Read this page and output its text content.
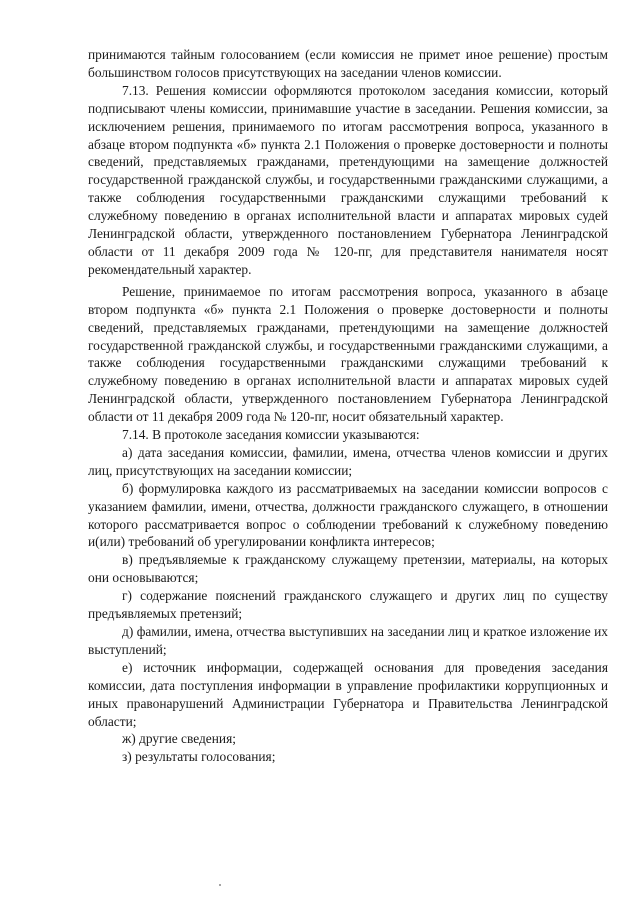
принимаются тайным голосованием (если комиссия не примет иное решение) простым большинством голосов присутствующих на заседании членов комиссии.

7.13. Решения комиссии оформляются протоколом заседания комиссии, который подписывают члены комиссии, принимавшие участие в заседании. Решения комиссии, за исключением решения, принимаемого по итогам рассмотрения вопроса, указанного в абзаце втором подпункта «б» пункта 2.1 Положения о проверке достоверности и полноты сведений, представляемых гражданами, претендующими на замещение должностей государственной гражданской службы, и государственными гражданскими служащими, а также соблюдения государственными гражданскими служащими требований к служебному поведению в органах исполнительной власти и аппаратах мировых судей Ленинградской области, утвержденного постановлением Губернатора Ленинградской области от 11 декабря 2009 года № 120-пг, для представителя нанимателя носят рекомендательный характер.

Решение, принимаемое по итогам рассмотрения вопроса, указанного в абзаце втором подпункта «б» пункта 2.1 Положения о проверке достоверности и полноты сведений, представляемых гражданами, претендующими на замещение должностей государственной гражданской службы, и государственными гражданскими служащими, а также соблюдения государственными гражданскими служащими требований к служебному поведению в органах исполнительной власти и аппаратах мировых судей Ленинградской области, утвержденного постановлением Губернатора Ленинградской области от 11 декабря 2009 года № 120-пг, носит обязательный характер.

7.14. В протоколе заседания комиссии указываются:

а) дата заседания комиссии, фамилии, имена, отчества членов комиссии и других лиц, присутствующих на заседании комиссии;

б) формулировка каждого из рассматриваемых на заседании комиссии вопросов с указанием фамилии, имени, отчества, должности гражданского служащего, в отношении которого рассматривается вопрос о соблюдении требований к служебному поведению и(или) требований об урегулировании конфликта интересов;

в) предъявляемые к гражданскому служащему претензии, материалы, на которых они основываются;

г) содержание пояснений гражданского служащего и других лиц по существу предъявляемых претензий;

д) фамилии, имена, отчества выступивших на заседании лиц и краткое изложение их выступлений;

е) источник информации, содержащей основания для проведения заседания комиссии, дата поступления информации в управление профилактики коррупционных и иных правонарушений Администрации Губернатора и Правительства Ленинградской области;

ж) другие сведения;

з) результаты голосования;
